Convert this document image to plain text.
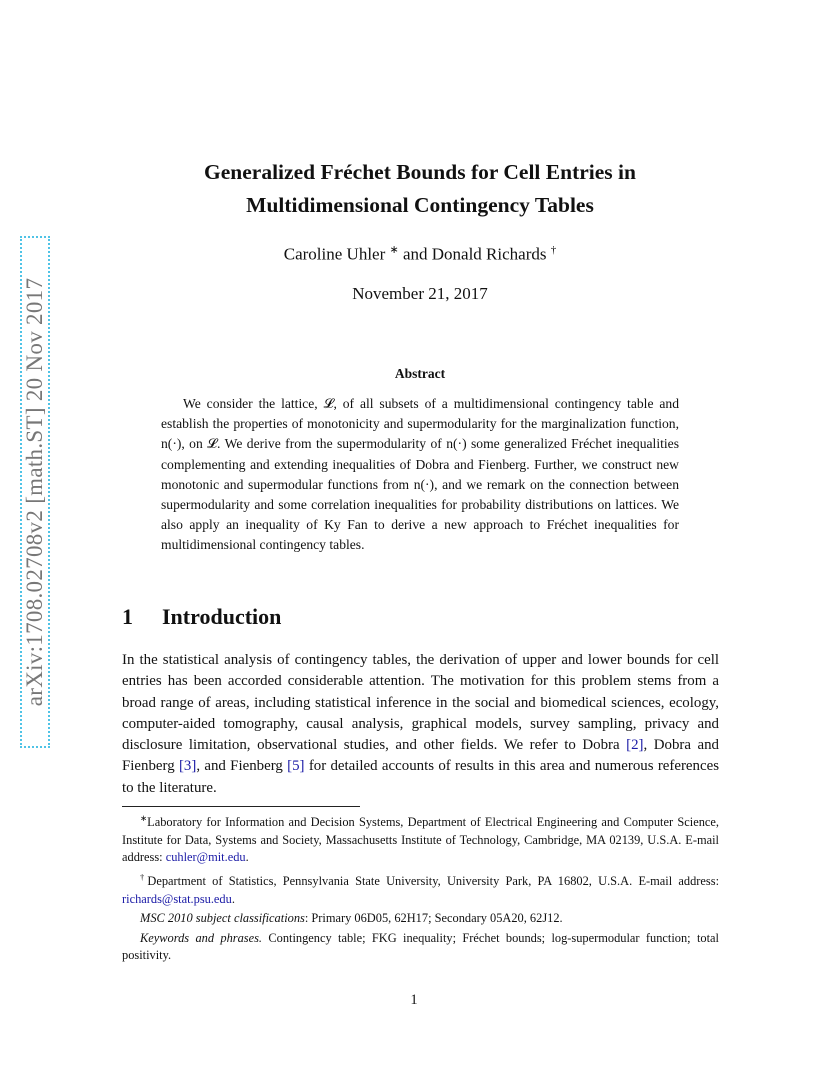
arXiv:1708.02708v2 [math.ST] 20 Nov 2017
Generalized Fréchet Bounds for Cell Entries in
Multidimensional Contingency Tables
Caroline Uhler ∗ and Donald Richards †
November 21, 2017
Abstract
We consider the lattice, 𝓛, of all subsets of a multidimensional contingency table and establish the properties of monotonicity and supermodularity for the marginalization function, n(·), on 𝓛. We derive from the supermodularity of n(·) some generalized Fréchet inequalities complementing and extending inequalities of Dobra and Fienberg. Further, we construct new monotonic and supermodular functions from n(·), and we remark on the connection between supermodularity and some correlation inequalities for probability distributions on lattices. We also apply an inequality of Ky Fan to derive a new approach to Fréchet inequalities for multidimensional contingency tables.
1 Introduction
In the statistical analysis of contingency tables, the derivation of upper and lower bounds for cell entries has been accorded considerable attention. The motivation for this problem stems from a broad range of areas, including statistical inference in the social and biomedical sciences, ecology, computer-aided tomography, causal analysis, graphical models, survey sampling, privacy and disclosure limitation, observational studies, and other fields. We refer to Dobra [2], Dobra and Fienberg [3], and Fienberg [5] for detailed accounts of results in this area and numerous references to the literature.

∗Laboratory for Information and Decision Systems, Department of Electrical Engineering and Computer Science, Institute for Data, Systems and Society, Massachusetts Institute of Technology, Cambridge, MA 02139, U.S.A. E-mail address: cuhler@mit.edu.

†Department of Statistics, Pennsylvania State University, University Park, PA 16802, U.S.A. E-mail address: richards@stat.psu.edu.

MSC 2010 subject classifications: Primary 06D05, 62H17; Secondary 05A20, 62J12.

Keywords and phrases. Contingency table; FKG inequality; Fréchet bounds; log-supermodular function; total positivity.

1
